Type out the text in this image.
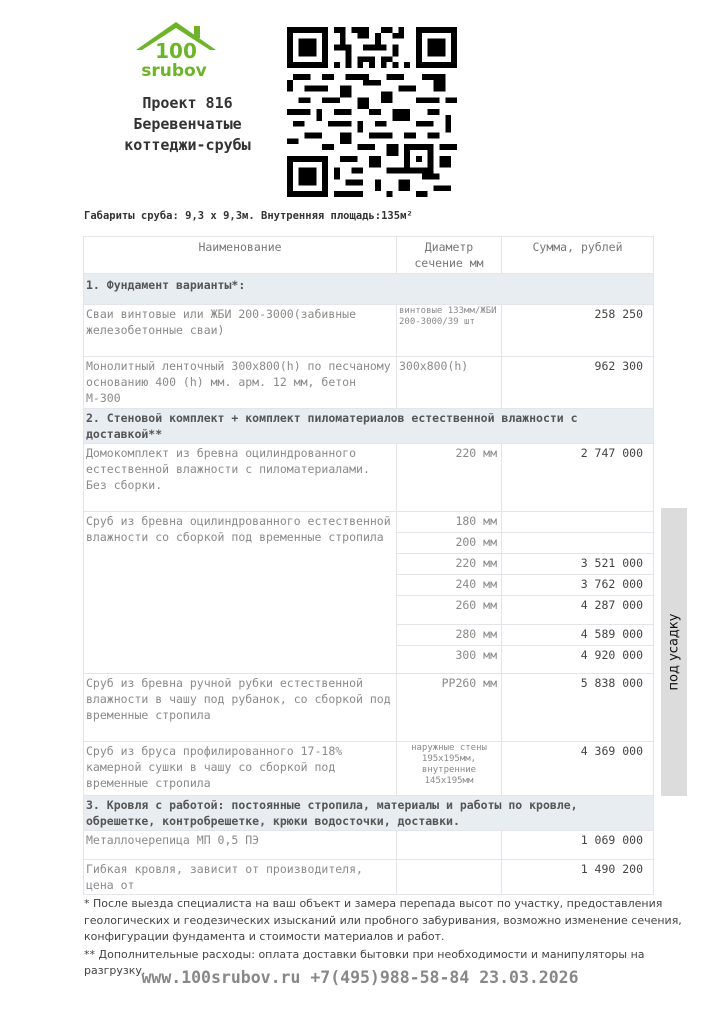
100
srubov
Проект 816
Беревенчатые
коттеджи-срубы
Габариты сруба: 9,3 х 9,3м. Внутренняя площадь:135м²
Наименование	Диаметр сечение мм	Сумма, рублей
1. Фундамент варианты*:		
Сваи винтовые или ЖБИ 200-3000(забивные железобетонные сваи)	винтовые 133мм/ЖБИ 200-3000/39 шт	258 250
Монолитный ленточный 300х800(h) по песчаному основанию 400 (h) мм. арм. 12 мм, бетон М-300	300x800(h)	962 300
2. Стеновой комплект + комплект пиломатериалов естественной влажности с доставкой**		
Домокомплект из бревна оцилиндрованного естественной влажности с пиломатериалами. Без сборки.	220 мм	2 747 000
Сруб из бревна оцилиндрованного естественной влажности со сборкой под временные стропила	180 мм	
	200 мм	
	220 мм	3 521 000
	240 мм	3 762 000
	260 мм	4 287 000
	280 мм	4 589 000
	300 мм	4 920 000
Сруб из бревна ручной рубки естественной влажности в чашу под рубанок, со сборкой под временные стропила	PP260 мм	5 838 000
Сруб из бруса профилированного 17-18% камерной сушки в чашу со сборкой под временные стропила	наружные стены 195x195мм, внутренние 145x195мм	4 369 000
3. Кровля с работой: постоянные стропила, материалы и работы по кровле, обрешетке, контробрешетке, крюки водосточки, доставки.		
Металлочерепица МП 0,5 ПЭ		1 069 000
Гибкая кровля, зависит от производителя, цена от		1 490 200
под усадку
* После выезда специалиста на ваш объект и замера перепада высот по участку, предоставления геологических и геодезических изысканий или пробного забуривания, возможно изменение сечения, конфигурации фундамента и стоимости материалов и работ.
** Дополнительные расходы: оплата доставки бытовки при необходимости и манипуляторы на разгрузку.
www.100srubov.ru +7(495)988-58-84 23.03.2026
